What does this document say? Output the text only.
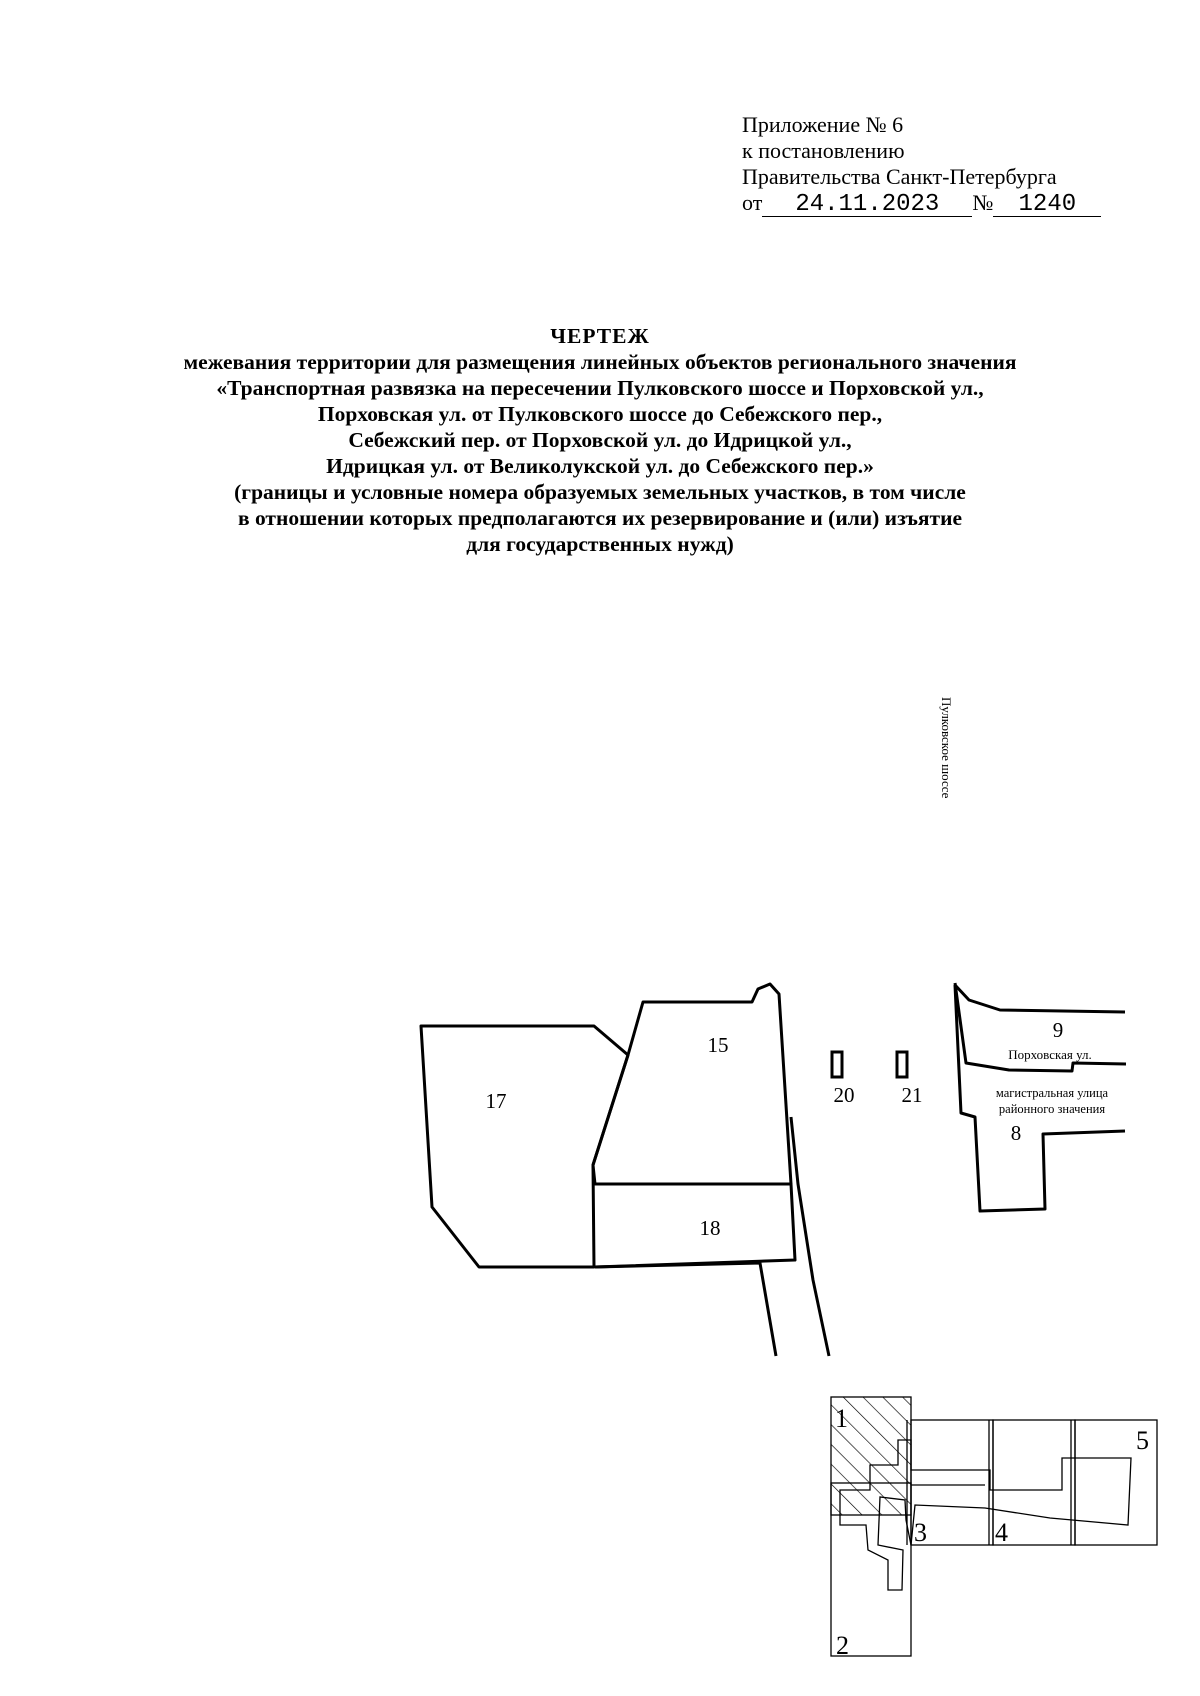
Приложение № 6
к постановлению
Правительства Санкт-Петербурга
от 24.11.2023 № 1240
ЧЕРТЕЖ
межевания территории для размещения линейных объектов регионального значения
«Транспортная развязка на пересечении Пулковского шоссе и Порховской ул.,
Порховская ул. от Пулковского шоссе до Себежского пер.,
Себежский пер. от Порховской ул. до Идрицкой ул.,
Идрицкая ул. от Великолукской ул. до Себежского пер.»
(границы и условные номера образуемых земельных участков, в том числе
в отношении которых предполагаются их резервирование и (или) изъятие
для государственных нужд)
Пулковское шоссе
17
15
18
20 21
9
8
Порховская ул.
магистральная улица
районного значения
1
2
3	4
5
